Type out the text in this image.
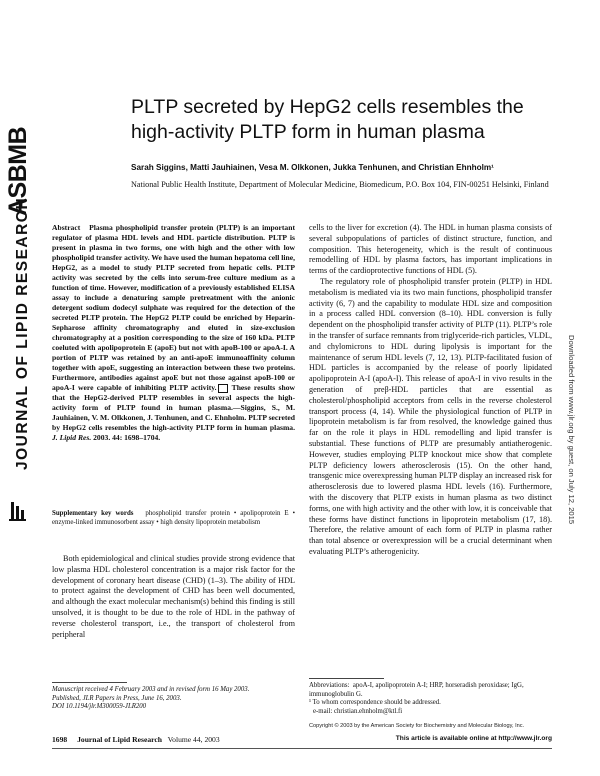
ASBMB
JOURNAL OF LIPID RESEARCH	Downloaded from www.jlr.org by guest, on July 12, 2015
PLTP secreted by HepG2 cells resembles the high-activity PLTP form in human plasma
Sarah Siggins, Matti Jauhiainen, Vesa M. Olkkonen, Jukka Tenhunen, and Christian Ehnholm¹
National Public Health Institute, Department of Molecular Medicine, Biomedicum, P.O. Box 104, FIN-00251 Helsinki, Finland
Abstract Plasma phospholipid transfer protein (PLTP) is an important regulator of plasma HDL levels and HDL particle distribution. PLTP is present in plasma in two forms, one with high and the other with low phospholipid transfer activity. We have used the human hepatoma cell line, HepG2, as a model to study PLTP secreted from hepatic cells. PLTP activity was secreted by the cells into serum-free culture medium as a function of time. However, modification of a previously established ELISA assay to include a denaturing sample pretreatment with the anionic detergent sodium dodecyl sulphate was required for the detection of the secreted PLTP protein. The HepG2 PLTP could be enriched by Heparin-Sepharose affinity chromatography and eluted in size-exclusion chromatography at a position corresponding to the size of 160 kDa. PLTP coeluted with apolipoprotein E (apoE) but not with apoB-100 or apoA-I. A portion of PLTP was retained by an anti-apoE immunoaffinity column together with apoE, suggesting an interaction between these two proteins. Furthermore, antibodies against apoE but not those against apoB-100 or apoA-I were capable of inhibiting PLTP activity. These results show that the HepG2-derived PLTP resembles in several aspects the high-activity form of PLTP found in human plasma.—Siggins, S., M. Jauhiainen, V. M. Olkkonen, J. Tenhunen, and C. Ehnholm. PLTP secreted by HepG2 cells resembles the high-activity PLTP form in human plasma. J. Lipid Res. 2003. 44: 1698–1704.
Supplementary key words phospholipid transfer protein • apolipoprotein E • enzyme-linked immunosorbent assay • high density lipoprotein metabolism

Both epidemiological and clinical studies provide strong evidence that low plasma HDL cholesterol concentration is a major risk factor for the development of coronary heart disease (CHD) (1–3). The ability of HDL to protect against the development of CHD has been well documented, and although the exact molecular mechanism(s) behind this finding is still unsolved, it is thought to be due to the role of HDL in the pathway of reverse cholesterol transport, i.e., the transport of cholesterol from peripheral

cells to the liver for excretion (4). The HDL in human plasma consists of several subpopulations of particles of distinct structure, function, and composition. This heterogeneity, which is the result of continuous remodelling of HDL by plasma factors, has important implications in terms of the cardioprotective functions of HDL (5).

The regulatory role of phospholipid transfer protein (PLTP) in HDL metabolism is mediated via its two main functions, phospholipid transfer activity (6, 7) and the capability to modulate HDL size and composition in a process called HDL conversion (8–10). HDL conversion is fully dependent on the phospholipid transfer activity of PLTP (11). PLTP’s role in the transfer of surface remnants from triglyceride-rich particles, VLDL, and chylomicrons to HDL during lipolysis is important for the maintenance of serum HDL levels (7, 12, 13). PLTP-facilitated fusion of HDL particles is accompanied by the release of poorly lipidated apolipoprotein A-I (apoA-I). This release of apoA-I in vivo results in the generation of preβ-HDL particles that are essential as cholesterol/phospholipid acceptors from cells in the reverse cholesterol transport process (4, 14). While the physiological function of PLTP in lipoprotein metabolism is far from resolved, the knowledge gained thus far on the role it plays in HDL remodelling and lipid transfer is substantial. These functions of PLTP are presumably antiatherogenic. However, studies employing PLTP knockout mice show that complete PLTP deficiency lowers atherosclerosis (15). On the other hand, transgenic mice overexpressing human PLTP display an increased risk for atherosclerosis due to lowered plasma HDL levels (16). Furthermore, with the discovery that PLTP exists in human plasma as two distinct forms, one with high activity and the other with low, it is conceivable that these forms have distinct functions in lipoprotein metabolism (17, 18). Therefore, the relative amount of each form of PLTP in plasma rather than total absence or overexpression will be a crucial determinant when evaluating PLTP’s atherogenicity.

Manuscript received 4 February 2003 and in revised form 16 May 2003.
Published, JLR Papers in Press, June 16, 2003.
DOI 10.1194/jlr.M300059-JLR200
Abbreviations: apoA-I, apolipoprotein A-I; HRP, horseradish peroxidase; IgG, immunoglobulin G.
¹ To whom correspondence should be addressed.
e-mail: christian.ehnholm@ktl.fi
Copyright © 2003 by the American Society for Biochemistry and Molecular Biology, Inc.
1698 Journal of Lipid Research Volume 44, 2003	This article is available online at http://www.jlr.org
